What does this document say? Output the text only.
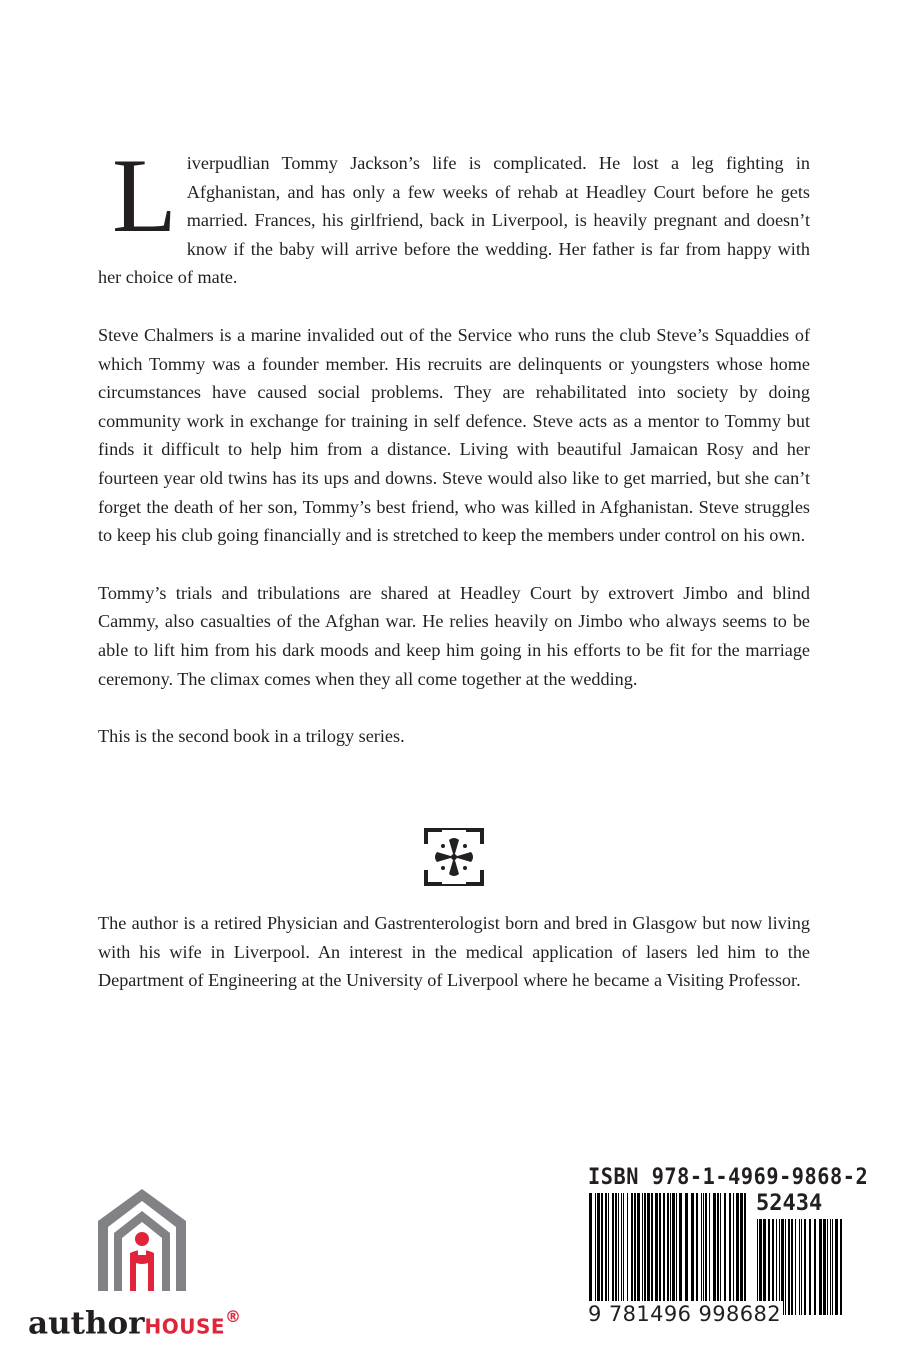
Liverpudlian Tommy Jackson’s life is complicated. He lost a leg fighting in Afghanistan, and has only a few weeks of rehab at Headley Court before he gets married. Frances, his girlfriend, back in Liverpool, is heavily pregnant and doesn’t know if the baby will arrive before the wedding. Her father is far from happy with her choice of mate.

Steve Chalmers is a marine invalided out of the Service who runs the club Steve’s Squaddies of which Tommy was a founder member. His recruits are delinquents or youngsters whose home circumstances have caused social problems. They are rehabilitated into society by doing community work in exchange for training in self defence. Steve acts as a mentor to Tommy but finds it difficult to help him from a distance. Living with beautiful Jamaican Rosy and her fourteen year old twins has its ups and downs. Steve would also like to get married, but she can’t forget the death of her son, Tommy’s best friend, who was killed in Afghanistan. Steve struggles to keep his club going financially and is stretched to keep the members under control on his own.

Tommy’s trials and tribulations are shared at Headley Court by extrovert Jimbo and blind Cammy, also casualties of the Afghan war. He relies heavily on Jimbo who always seems to be able to lift him from his dark moods and keep him going in his efforts to be fit for the marriage ceremony. The climax comes when they all come together at the wedding.

This is the second book in a trilogy series.

The author is a retired Physician and Gastrenterologist born and bred in Glasgow but now living with his wife in Liverpool. An interest in the medical application of lasers led him to the Department of Engineering at the University of Liverpool where he became a Visiting Professor.

authorHOUSE®
ISBN 978-1-4969-9868-2
52434
9 781496 998682
